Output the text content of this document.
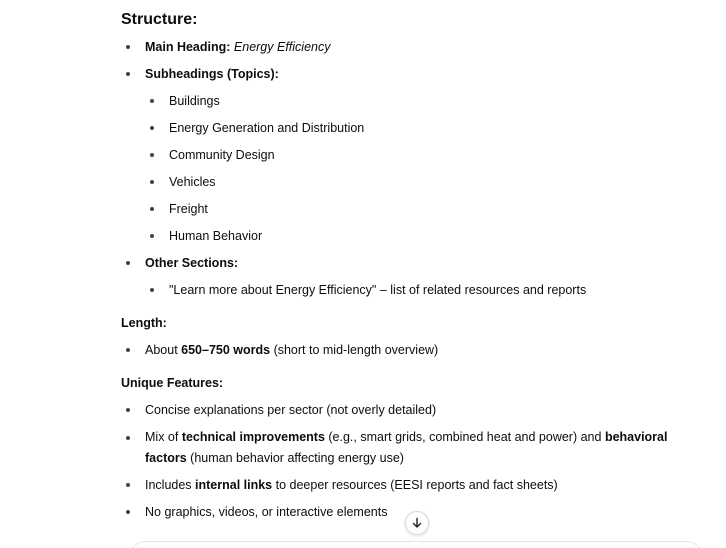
Structure:
Main Heading: Energy Efficiency
Subheadings (Topics):
Buildings
Energy Generation and Distribution
Community Design
Vehicles
Freight
Human Behavior
Other Sections:
"Learn more about Energy Efficiency" – list of related resources and reports
Length:
About 650–750 words (short to mid-length overview)
Unique Features:
Concise explanations per sector (not overly detailed)
Mix of technical improvements (e.g., smart grids, combined heat and power) and behavioral factors (human behavior affecting energy use)
Includes internal links to deeper resources (EESI reports and fact sheets)
No graphics, videos, or interactive elements
